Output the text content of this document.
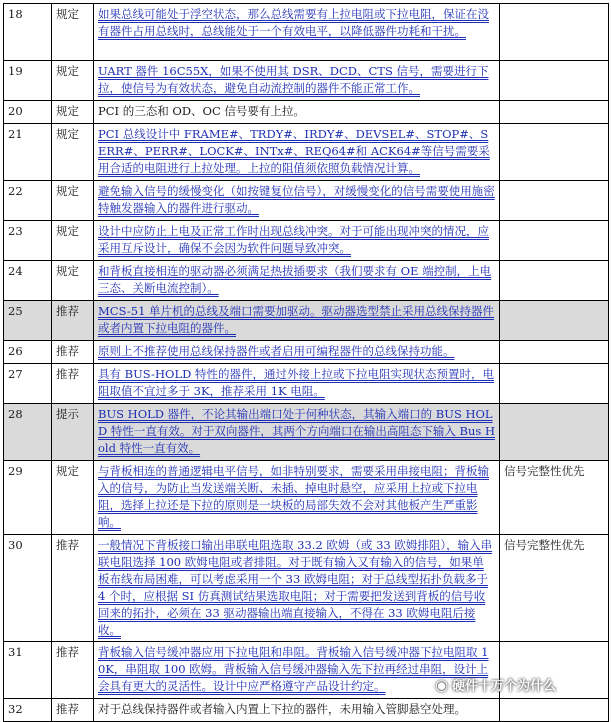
18	规定	如果总线可能处于浮空状态，那么总线需要有上拉电阻或下拉电阻，保证在没有器件占用总线时，总线能处于一个有效电平，以降低器件功耗和干扰。	
19	规定	UART 器件 16C55X，如果不使用其 DSR、DCD、CTS 信号，需要进行下拉，使信号为有效状态，避免自动流控制的器件不能正常工作。	
20	规定	PCI 的三态和 OD、OC 信号要有上拉。	
21	规定	PCI 总线设计中 FRAME#、TRDY#、IRDY#、DEVSEL#、STOP#、SERR#、PERR#、LOCK#、INTx#、REQ64#和 ACK64#等信号需要采用合适的电阻进行上拉处理。上拉的阻值须依照负载情况计算。	
22	规定	避免输入信号的缓慢变化（如按键复位信号），对缓慢变化的信号需要使用施密特触发器输入的器件进行驱动。	
23	规定	设计中应防止上电及正常工作时出现总线冲突。对于可能出现冲突的情况，应采用互斥设计，确保不会因为软件问题导致冲突。	
24	规定	和背板直接相连的驱动器必须满足热拔插要求（我们要求有 OE 端控制，上电三态、关断电流控制）。	
25	推荐	MCS-51 单片机的总线及端口需要加驱动。驱动器选型禁止采用总线保持器件或者内置下拉电阻的器件。	
26	推荐	原则上不推荐使用总线保持器件或者启用可编程器件的总线保持功能。	
27	推荐	具有 BUS-HOLD 特性的器件，通过外接上拉或下拉电阻实现状态预置时，电阻取值不宜过多于 3K，推荐采用 1K 电阻。	
28	提示	BUS HOLD 器件，不论其输出端口处于何种状态，其输入端口的 BUS HOLD 特性一直有效。对于双向器件，其两个方向端口在输出高阻态下输入 Bus Hold 特性一直有效。	
29	规定	与背板相连的普通逻辑电平信号，如非特别要求，需要采用串接电阻；背板输入的信号，为防止当发送端关断、未插、掉电时悬空，应采用上拉或下拉电阻，选择上拉还是下拉的原则是一块板的局部失效不会对其他板产生严重影响。	信号完整性优先
30	推荐	一般情况下背板接口输出串联电阻选取 33.2 欧姆（或 33 欧姆排阻），输入串联电阻选择 100 欧姆电阻或者排阻。对于既有输入又有输入的信号，如果单板布线布局困难，可以考虑采用一个 33 欧姆电阻；对于总线型拓扑负载多于 4 个时，应根据 SI 仿真测试结果选取电阻；对于需要把发送到背板的信号收回来的拓扑，必须在 33 驱动器输出端直接输入，不得在 33 欧姆电阻后接收。	信号完整性优先
31	推荐	背板输入信号缓冲器应用下拉电阻和串阻。背板输入信号缓冲器下拉电阻取 10K，串阻取 100 欧姆。背板输入信号缓冲器输入先下拉再经过串阻，设计上会具有更大的灵活性。设计中应严格遵守产品设计约定。	
32	推荐	对于总线保持器件或者输入内置上下拉的器件，未用输入管脚悬空处理。	
◉ 硬件十万个为什么
